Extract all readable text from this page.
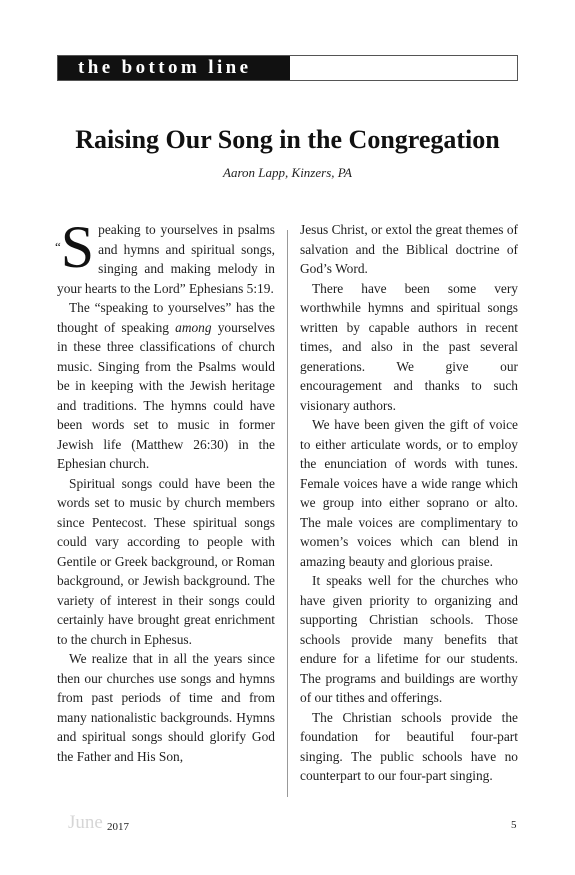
the bottom line
Raising Our Song in the Congregation
Aaron Lapp, Kinzers, PA

“S peaking to yourselves in psalms and hymns and spiritual songs, singing and making melody in your hearts to the Lord” Ephesians 5:19.

The “speaking to yourselves” has the thought of speaking among yourselves in these three classifications of church music. Singing from the Psalms would be in keeping with the Jewish heritage and traditions. The hymns could have been words set to music in former Jewish life (Matthew 26:30) in the Ephesian church.

Spiritual songs could have been the words set to music by church members since Pentecost. These spiritual songs could vary according to people with Gentile or Greek background, or Roman background, or Jewish background. The variety of interest in their songs could certainly have brought great enrichment to the church in Ephesus.

We realize that in all the years since then our churches use songs and hymns from past periods of time and from many nationalistic backgrounds. Hymns and spiritual songs should glorify God the Father and His Son,

Jesus Christ, or extol the great themes of salvation and the Biblical doctrine of God’s Word.

There have been some very worthwhile hymns and spiritual songs written by capable authors in recent times, and also in the past several generations. We give our encouragement and thanks to such visionary authors.

We have been given the gift of voice to either articulate words, or to employ the enunciation of words with tunes. Female voices have a wide range which we group into either soprano or alto. The male voices are complimentary to women’s voices which can blend in amazing beauty and glorious praise.

It speaks well for the churches who have given priority to organizing and supporting Christian schools. Those schools provide many benefits that endure for a lifetime for our students. The programs and buildings are worthy of our tithes and offerings.

The Christian schools provide the foundation for beautiful four-part singing. The public schools have no counterpart to our four-part singing.

June 2017	5
